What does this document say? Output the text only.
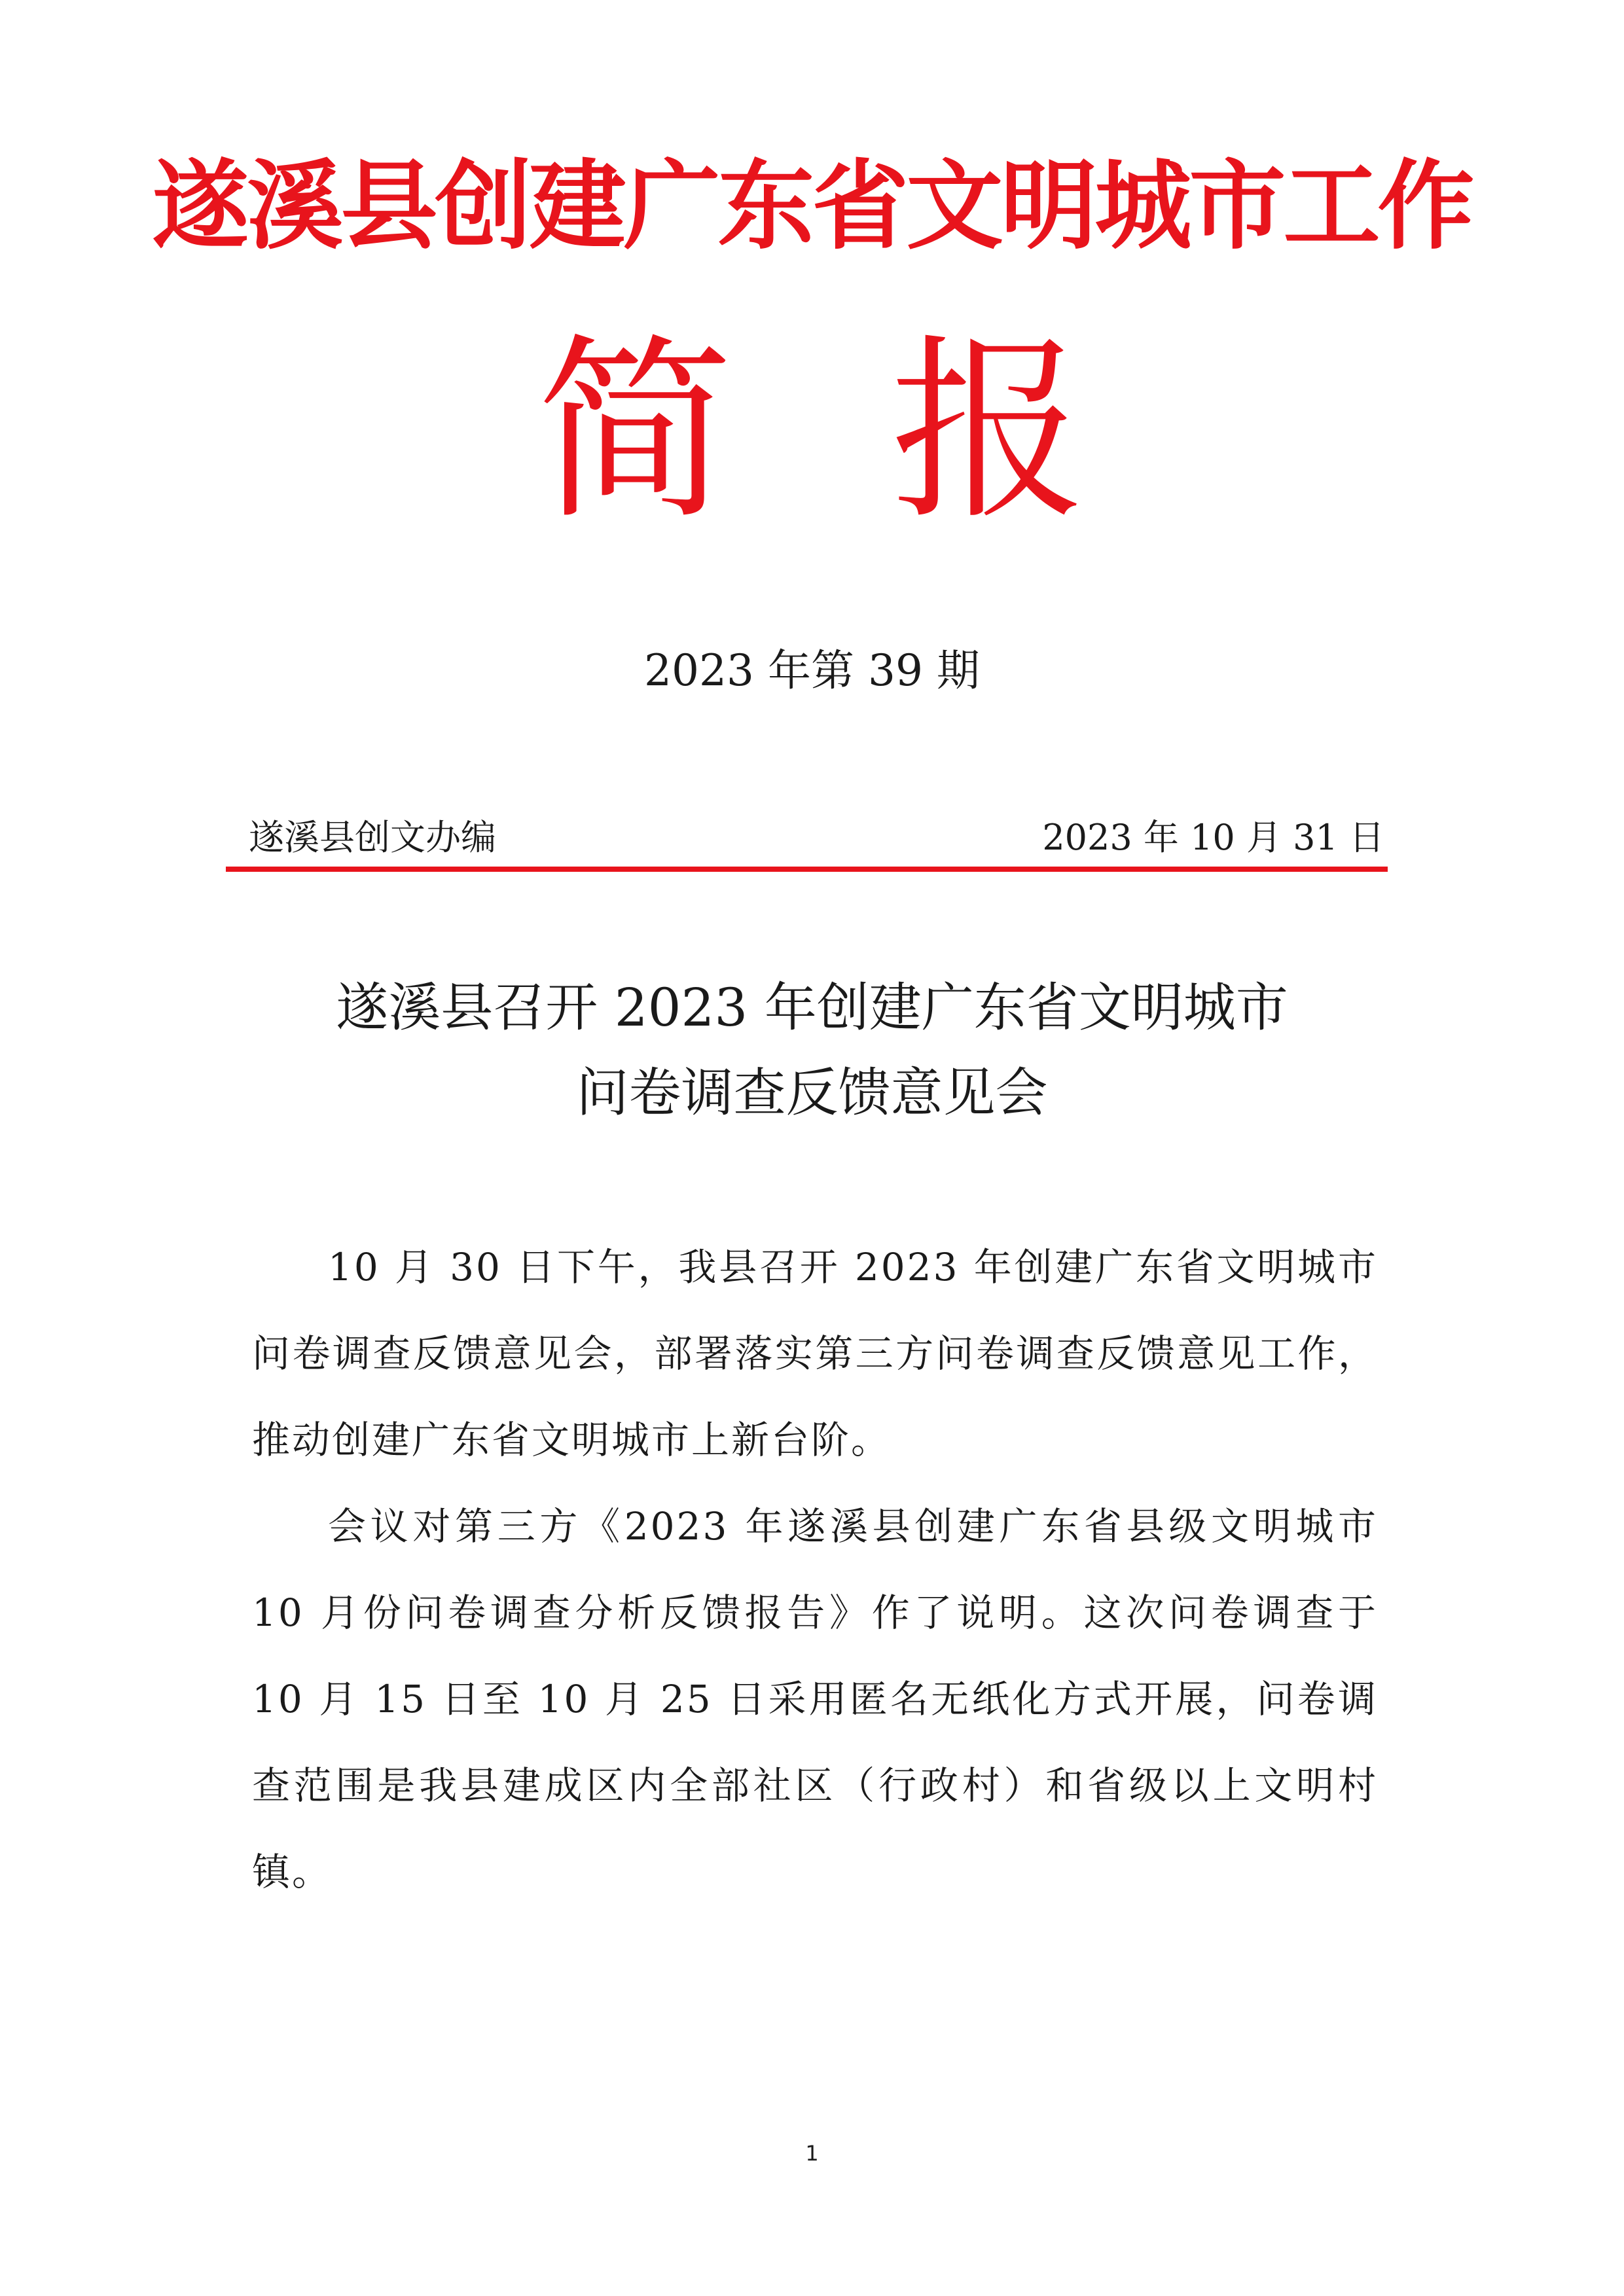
遂溪县创建广东省文明城市工作
简 报
2023 年第 39 期
遂溪县创文办编	2023 年 10 月 31 日
遂溪县召开 2023 年创建广东省文明城市
问卷调查反馈意见会

10 月 30 日下午，我县召开 2023 年创建广东省文明城市问卷调查反馈意见会，部署落实第三方问卷调查反馈意见工作，推动创建广东省文明城市上新台阶。

会议对第三方《2023 年遂溪县创建广东省县级文明城市 10 月份问卷调查分析反馈报告》作了说明。这次问卷调查于 10 月 15 日至 10 月 25 日采用匿名无纸化方式开展，问卷调查范围是我县建成区内全部社区（行政村）和省级以上文明村镇。

1
